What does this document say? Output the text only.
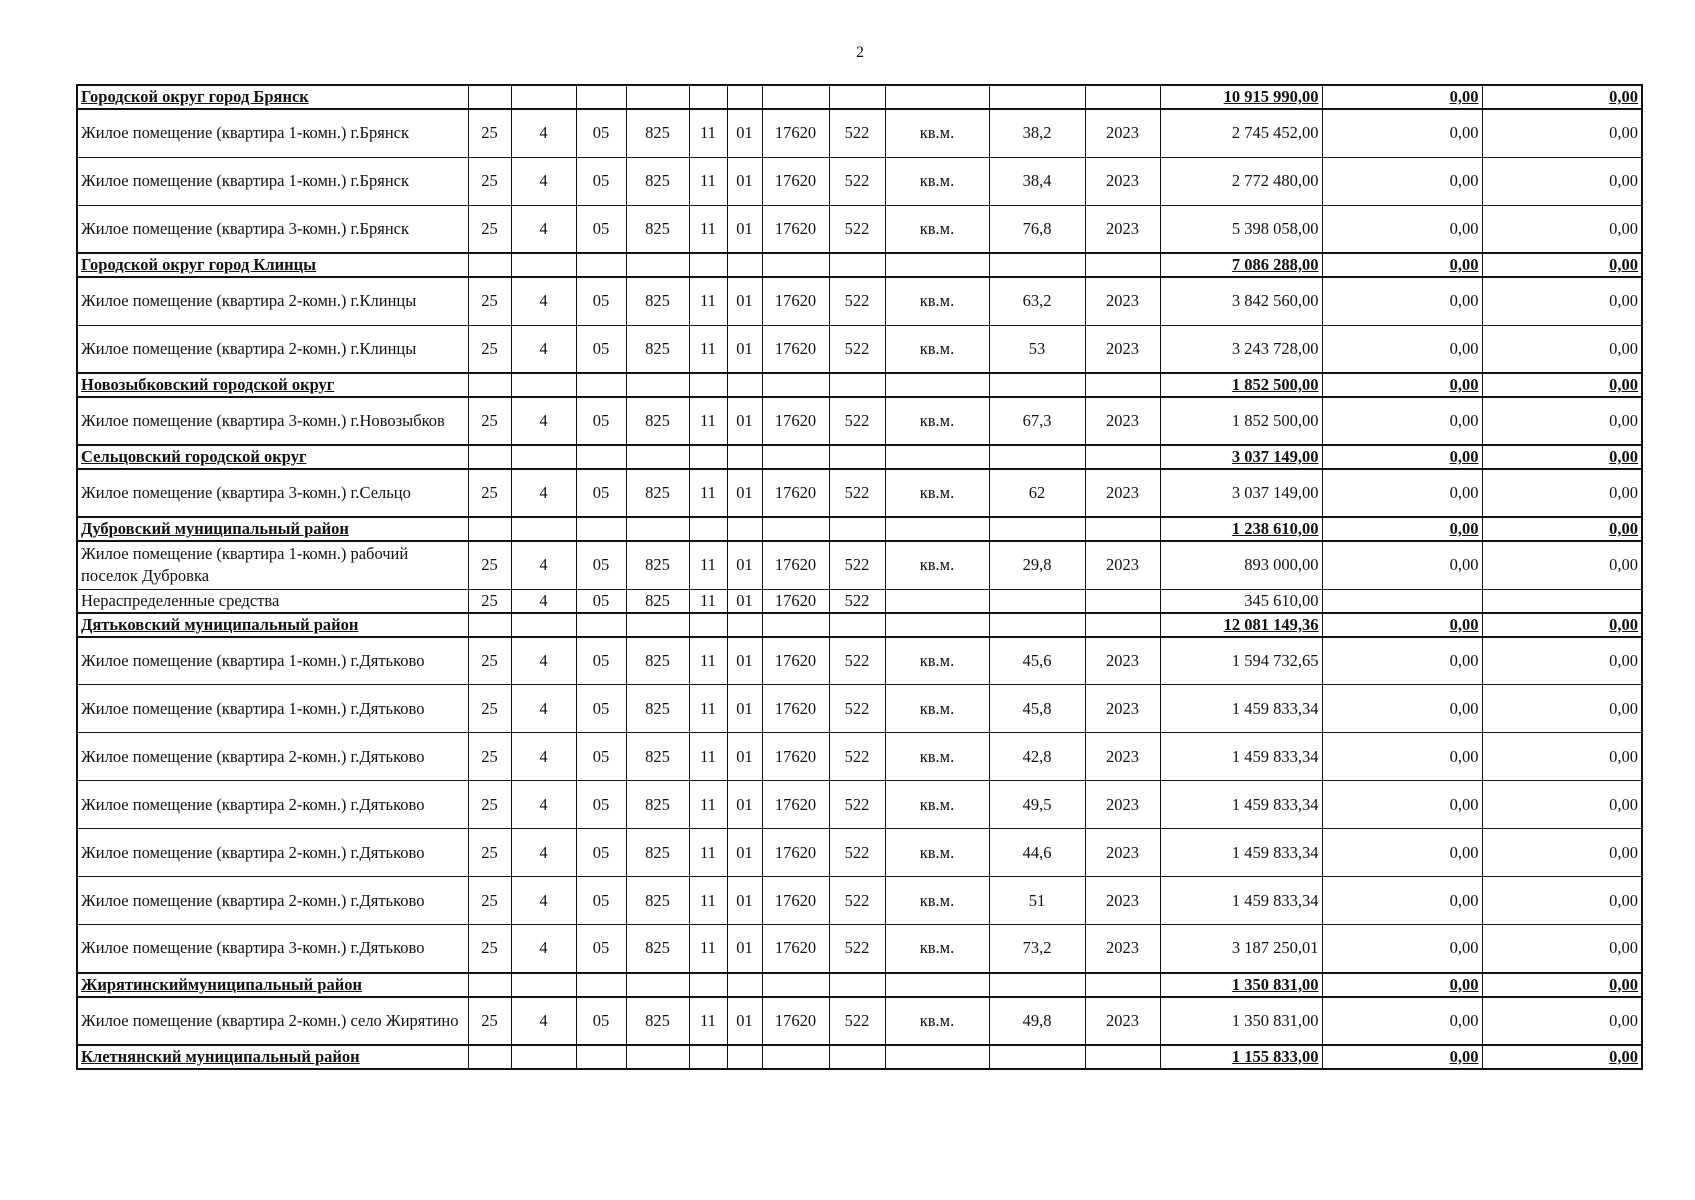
2
Городской округ город Брянск												10 915 990,00	0,00	0,00
Жилое помещение (квартира 1-комн.) г.Брянск	25	4	05	825	11	01	17620	522	кв.м.	38,2	2023	2 745 452,00	0,00	0,00
Жилое помещение (квартира 1-комн.) г.Брянск	25	4	05	825	11	01	17620	522	кв.м.	38,4	2023	2 772 480,00	0,00	0,00
Жилое помещение (квартира 3-комн.) г.Брянск	25	4	05	825	11	01	17620	522	кв.м.	76,8	2023	5 398 058,00	0,00	0,00
Городской округ город Клинцы												7 086 288,00	0,00	0,00
Жилое помещение (квартира 2-комн.) г.Клинцы	25	4	05	825	11	01	17620	522	кв.м.	63,2	2023	3 842 560,00	0,00	0,00
Жилое помещение (квартира 2-комн.) г.Клинцы	25	4	05	825	11	01	17620	522	кв.м.	53	2023	3 243 728,00	0,00	0,00
Новозыбковский городской округ												1 852 500,00	0,00	0,00
Жилое помещение (квартира 3-комн.) г.Новозыбков	25	4	05	825	11	01	17620	522	кв.м.	67,3	2023	1 852 500,00	0,00	0,00
Сельцовский городской округ												3 037 149,00	0,00	0,00
Жилое помещение (квартира 3-комн.) г.Сельцо	25	4	05	825	11	01	17620	522	кв.м.	62	2023	3 037 149,00	0,00	0,00
Дубровский муниципальный район												1 238 610,00	0,00	0,00
Жилое помещение (квартира 1-комн.) рабочий поселок Дубровка	25	4	05	825	11	01	17620	522	кв.м.	29,8	2023	893 000,00	0,00	0,00
Нераспределенные средства	25	4	05	825	11	01	17620	522				345 610,00		
Дятьковский муниципальный район												12 081 149,36	0,00	0,00
Жилое помещение (квартира 1-комн.) г.Дятьково	25	4	05	825	11	01	17620	522	кв.м.	45,6	2023	1 594 732,65	0,00	0,00
Жилое помещение (квартира 1-комн.) г.Дятьково	25	4	05	825	11	01	17620	522	кв.м.	45,8	2023	1 459 833,34	0,00	0,00
Жилое помещение (квартира 2-комн.) г.Дятьково	25	4	05	825	11	01	17620	522	кв.м.	42,8	2023	1 459 833,34	0,00	0,00
Жилое помещение (квартира 2-комн.) г.Дятьково	25	4	05	825	11	01	17620	522	кв.м.	49,5	2023	1 459 833,34	0,00	0,00
Жилое помещение (квартира 2-комн.) г.Дятьково	25	4	05	825	11	01	17620	522	кв.м.	44,6	2023	1 459 833,34	0,00	0,00
Жилое помещение (квартира 2-комн.) г.Дятьково	25	4	05	825	11	01	17620	522	кв.м.	51	2023	1 459 833,34	0,00	0,00
Жилое помещение (квартира 3-комн.) г.Дятьково	25	4	05	825	11	01	17620	522	кв.м.	73,2	2023	3 187 250,01	0,00	0,00
Жирятинскиймуниципальный район												1 350 831,00	0,00	0,00
Жилое помещение (квартира 2-комн.) село Жирятино	25	4	05	825	11	01	17620	522	кв.м.	49,8	2023	1 350 831,00	0,00	0,00
Клетнянский муниципальный район												1 155 833,00	0,00	0,00
